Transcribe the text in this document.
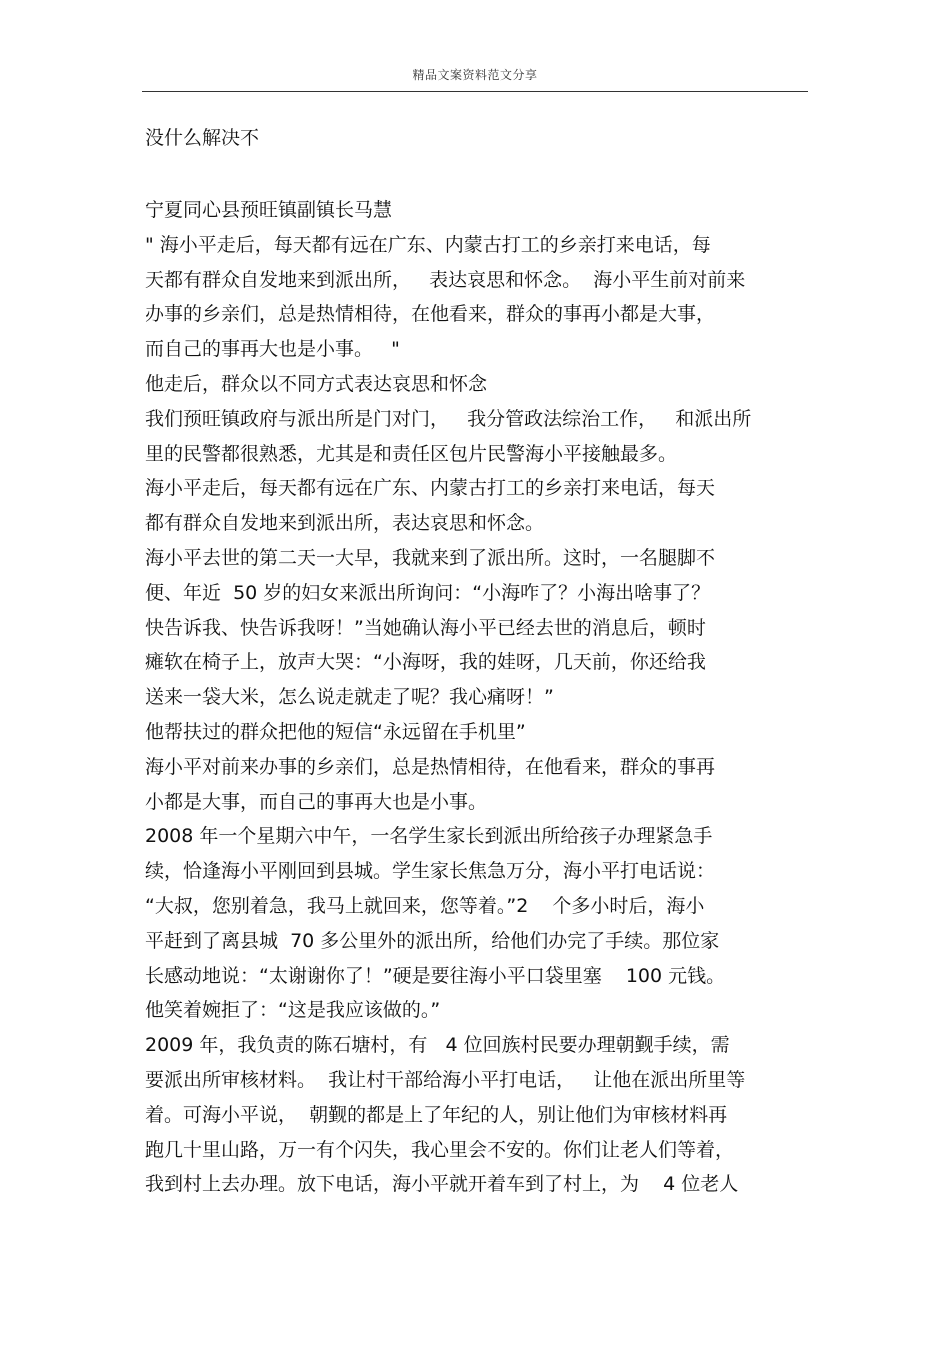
精品文案资料范文分享
没什么解决不
宁夏同心县预旺镇副镇长马慧
" 海小平走后，每天都有远在广东、内蒙古打工的乡亲打来电话，每
天都有群众自发地来到派出所，   表达哀思和怀念。  海小平生前对前来
办事的乡亲们，总是热情相待，在他看来，群众的事再小都是大事，
而自己的事再大也是小事。   "
他走后，群众以不同方式表达哀思和怀念
我们预旺镇政府与派出所是门对门，   我分管政法综治工作，   和派出所
里的民警都很熟悉，尤其是和责任区包片民警海小平接触最多。
海小平走后，每天都有远在广东、内蒙古打工的乡亲打来电话，每天
都有群众自发地来到派出所，表达哀思和怀念。
海小平去世的第二天一大早，我就来到了派出所。这时，一名腿脚不
便、年近  50 岁的妇女来派出所询问：“小海咋了？小海出啥事了？
快告诉我、快告诉我呀！”当她确认海小平已经去世的消息后，顿时
瘫软在椅子上，放声大哭：“小海呀，我的娃呀，几天前，你还给我
送来一袋大米，怎么说走就走了呢？我心痛呀！”
他帮扶过的群众把他的短信“永远留在手机里”
海小平对前来办事的乡亲们，总是热情相待，在他看来，群众的事再
小都是大事，而自己的事再大也是小事。
2008 年一个星期六中午，一名学生家长到派出所给孩子办理紧急手
续，恰逢海小平刚回到县城。学生家长焦急万分，海小平打电话说：
“大叔，您别着急，我马上就回来，您等着。”2    个多小时后，海小
平赶到了离县城  70 多公里外的派出所，给他们办完了手续。那位家
长感动地说：“太谢谢你了！”硬是要往海小平口袋里塞    100 元钱。
他笑着婉拒了：“这是我应该做的。”
2009 年，我负责的陈石塘村，有   4 位回族村民要办理朝觐手续，需
要派出所审核材料。  我让村干部给海小平打电话，   让他在派出所里等
着。可海小平说，  朝觐的都是上了年纪的人，别让他们为审核材料再
跑几十里山路，万一有个闪失，我心里会不安的。你们让老人们等着，
我到村上去办理。放下电话，海小平就开着车到了村上，为    4 位老人
